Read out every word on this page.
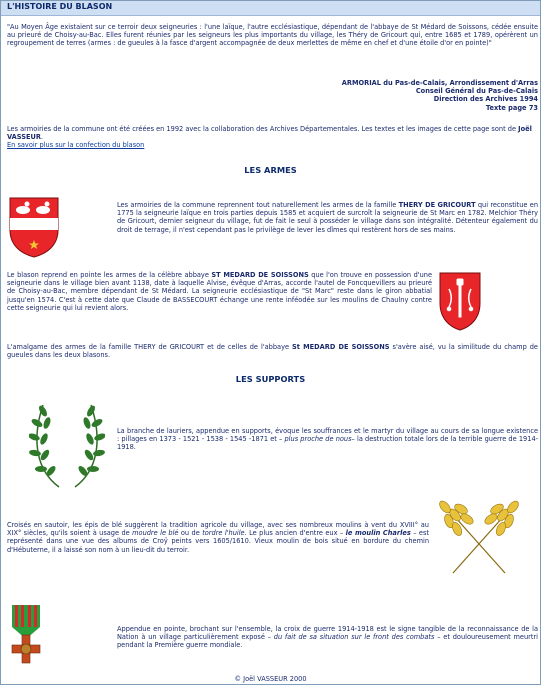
L'HISTOIRE DU BLASON
"Au Moyen Âge existaient sur ce terroir deux seigneuries : l'une laïque, l'autre ecclésiastique, dépendant de l'abbaye de St Médard de Soissons, cédée ensuite au prieuré de Choisy-au-Bac. Elles furent réunies par les seigneurs les plus importants du village, les Théry de Gricourt qui, entre 1685 et 1789, opérèrent un regroupement de terres (armes : de gueules à la fasce d'argent accompagnée de deux merlettes de même en chef et d'une étoile d'or en pointe)"
ARMORIAL du Pas-de-Calais, Arrondissement d'Arras
Conseil Général du Pas-de-Calais
Direction des Archives 1994
Texte page 73
Les armoiries de la commune ont été créées en 1992 avec la collaboration des Archives Départementales. Les textes et les images de cette page sont de Joël VASSEUR.
En savoir plus sur la confection du blason
LES ARMES
Les armoiries de la commune reprennent tout naturellement les armes de la famille THERY DE GRICOURT qui reconstitue en 1775 la seigneurie laïque en trois parties depuis 1585 et acquiert de surcroît la seigneurie de St Marc en 1782. Melchior Théry de Gricourt, dernier seigneur du village, fut de fait le seul à posséder le village dans son intégralité. Détenteur également du droit de terrage, il n'est cependant pas le privilège de lever les dîmes qui restèrent hors de ses mains.
Le blason reprend en pointe les armes de la célèbre abbaye ST MEDARD DE SOISSONS que l'on trouve en possession d'une seigneurie dans le village bien avant 1138, date à laquelle Alvise, évêque d'Arras, accorde l'autel de Foncquevillers au prieuré de Choisy-au-Bac, membre dépendant de St Médard. La seigneurie ecclésiastique de "St Marc" reste dans le giron abbatial jusqu'en 1574. C'est à cette date que Claude de BASSECOURT échange une rente inféodée sur les moulins de Chaulny contre cette seigneurie qui lui revient alors.
L'amalgame des armes de la famille THERY de GRICOURT et de celles de l'abbaye St MEDARD DE SOISSONS s'avère aisé, vu la similitude du champ de gueules dans les deux blasons.
LES SUPPORTS
La branche de lauriers, appendue en supports, évoque les souffrances et le martyr du village au cours de sa longue existence : pillages en 1373 - 1521 - 1538 - 1545 -1871 et – plus proche de nous– la destruction totale lors de la terrible guerre de 1914-1918.
Croisés en sautoir, les épis de blé suggèrent la tradition agricole du village, avec ses nombreux moulins à vent du XVIII° au XIX° siècles, qu'ils soient à usage de moudre le blé ou de tordre l'huile. Le plus ancien d'entre eux – le moulin Charles – est représenté dans une vue des albums de Croÿ peints vers 1605/1610. Vieux moulin de bois situé en bordure du chemin d'Hébuterne, il a laissé son nom à un lieu-dit du terroir.
Appendue en pointe, brochant sur l'ensemble, la croix de guerre 1914-1918 est le signe tangible de la reconnaissance de la Nation à un village particulièrement exposé – du fait de sa situation sur le front des combats – et douloureusement meurtri pendant la Première guerre mondiale.
© Joël VASSEUR 2000
